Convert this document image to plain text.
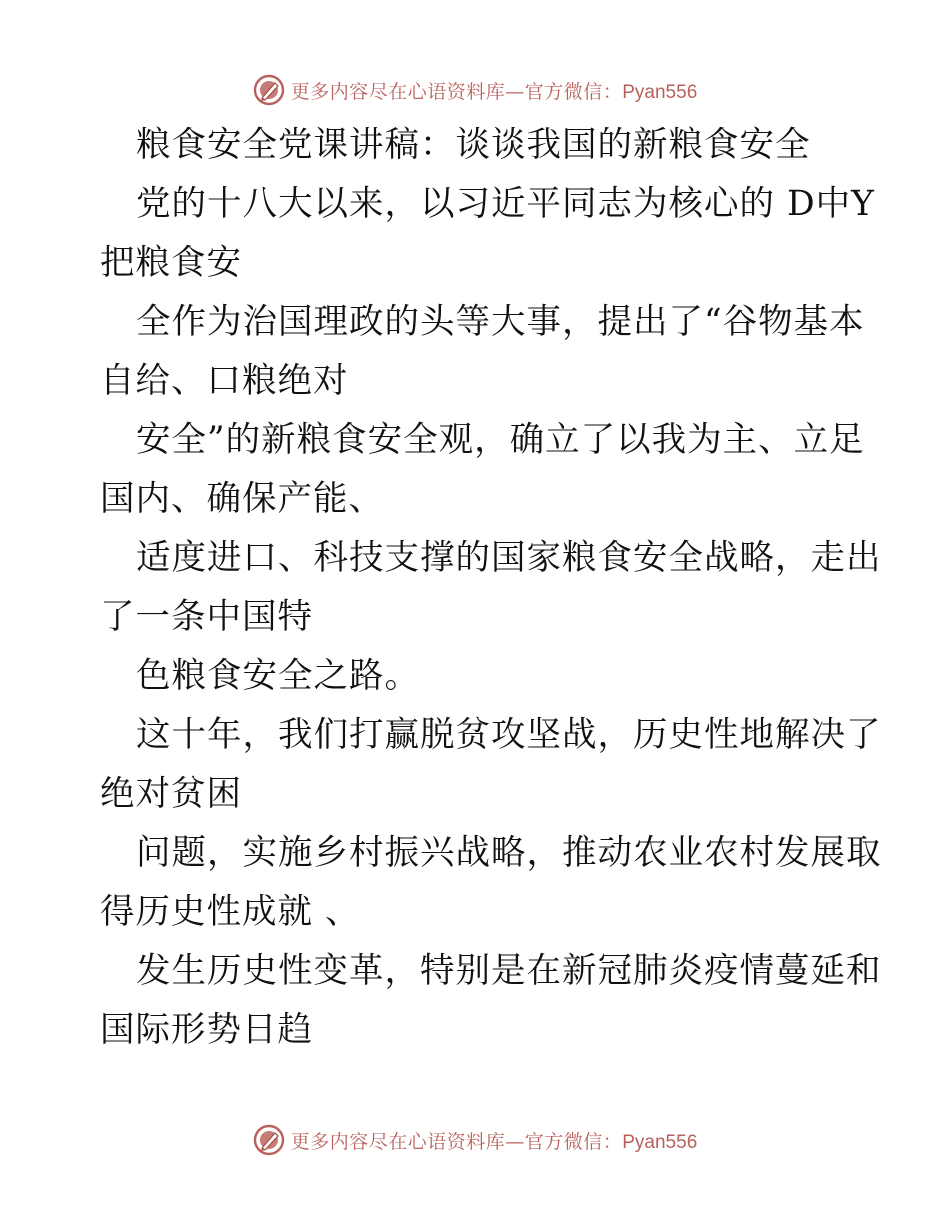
更多内容尽在心语资料库—官方微信：Pyan556
粮食安全党课讲稿：谈谈我国的新粮食安全
党的十八大以来，以习近平同志为核心的 D中Y
把粮食安
全作为治国理政的头等大事，提出了“谷物基本
自给、口粮绝对
安全”的新粮食安全观，确立了以我为主、立足
国内、确保产能、
适度进口、科技支撑的国家粮食安全战略，走出
了一条中国特
色粮食安全之路。
这十年，我们打赢脱贫攻坚战，历史性地解决了
绝对贫困
问题，实施乡村振兴战略，推动农业农村发展取
得历史性成就 、
发生历史性变革，特别是在新冠肺炎疫情蔓延和
国际形势日趋
更多内容尽在心语资料库—官方微信：Pyan556
